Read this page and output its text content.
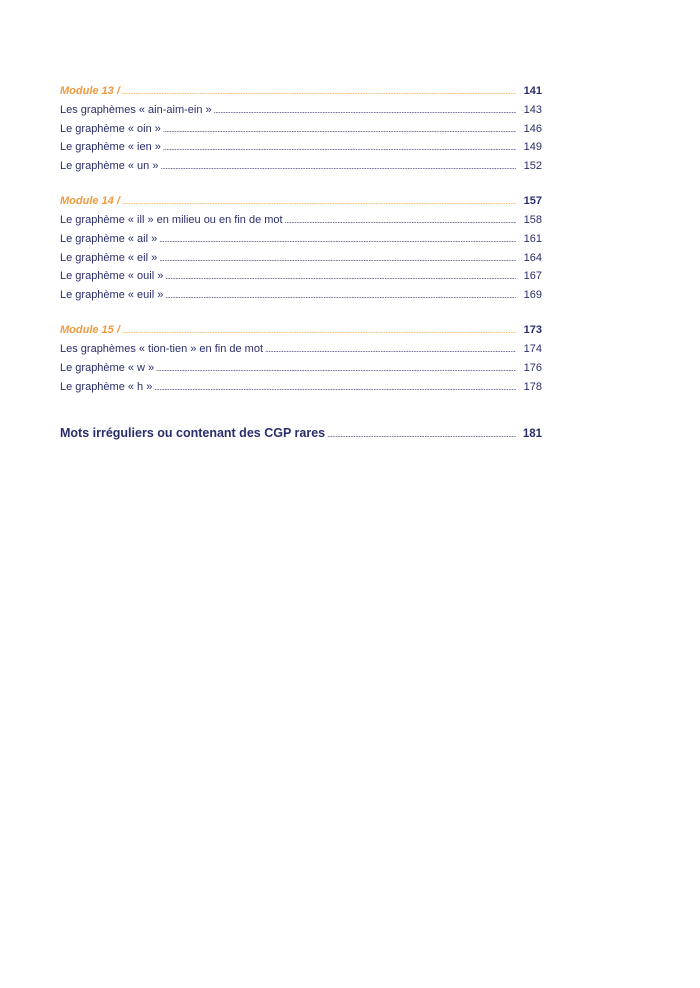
Module 13 / . . .	141
Les graphèmes « ain-aim-ein » . . .	143
Le graphème « oin » . . .	146
Le graphème « ien » . . .	149
Le graphème « un » . . .	152
Module 14 / . . .	157
Le graphème « ill » en milieu ou en fin de mot . . .	158
Le graphème « ail » . . .	161
Le graphème « eil » . . .	164
Le graphème « ouil » . . .	167
Le graphème « euil » . . .	169
Module 15 / . . .	173
Les graphèmes « tion-tien » en fin de mot . . .	174
Le graphème « w » . . .	176
Le graphème « h » . . .	178
Mots irréguliers ou contenant des CGP rares . . .	181
